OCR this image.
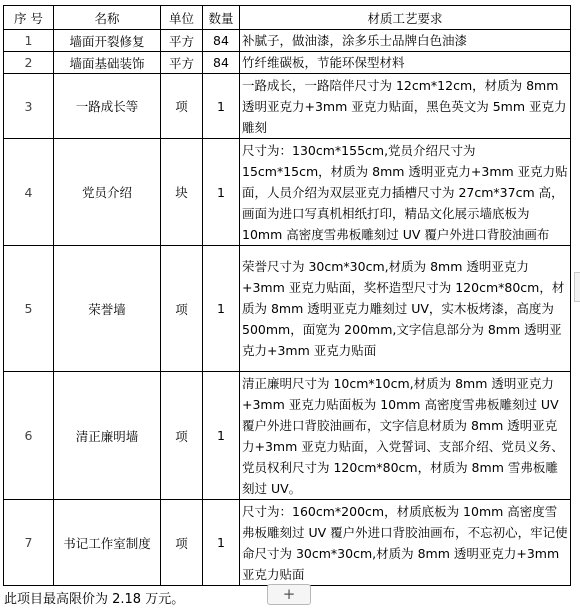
序 号	名称	单位	数量	材质工艺要求
1	墙面开裂修复	平方	84	补腻子，做油漆，涂多乐士品牌白色油漆
2	墙面基础装饰	平方	84	竹纤维碳板，节能环保型材料
3	一路成长等	项	1	一路成长，一路陪伴尺寸为 12cm*12cm，材质为 8mm 透明亚克力+3mm 亚克力贴面，黑色英文为 5mm 亚克力雕刻
4	党员介绍	块	1	尺寸为：130cm*155cm,党员介绍尺寸为 15cm*15cm，材质为 8mm 透明亚克力+3mm 亚克力贴面，人员介绍为双层亚克力插槽尺寸为 27cm*37cm 高，画面为进口写真机相纸打印，精品文化展示墙底板为 10mm 高密度雪弗板雕刻过 UV 覆户外进口背胶油画布
5	荣誉墙	项	1	荣誉尺寸为 30cm*30cm,材质为 8mm 透明亚克力+3mm 亚克力贴面，奖杯造型尺寸为 120cm*80cm，材质为 8mm 透明亚克力雕刻过 UV，实木板烤漆，高度为 500mm，面宽为 200mm,文字信息部分为 8mm 透明亚克力+3mm 亚克力贴面
6	清正廉明墙	项	1	清正廉明尺寸为 10cm*10cm,材质为 8mm 透明亚克力+3mm 亚克力贴面板为 10mm 高密度雪弗板雕刻过 UV 覆户外进口背胶油画布，文字信息材质为 8mm 透明亚克力+3mm 亚克力贴面，入党誓词、支部介绍、党员义务、党员权利尺寸为 120cm*80cm，材质为 8mm 雪弗板雕刻过 UV。
7	书记工作室制度	项	1	尺寸为：160cm*200cm，材质底板为 10mm 高密度雪弗板雕刻过 UV 覆户外进口背胶油画布，不忘初心，牢记使命尺寸为 30cm*30cm,材质为 8mm 透明亚克力+3mm 亚克力贴面
此项目最高限价为 2.18 万元。	+
